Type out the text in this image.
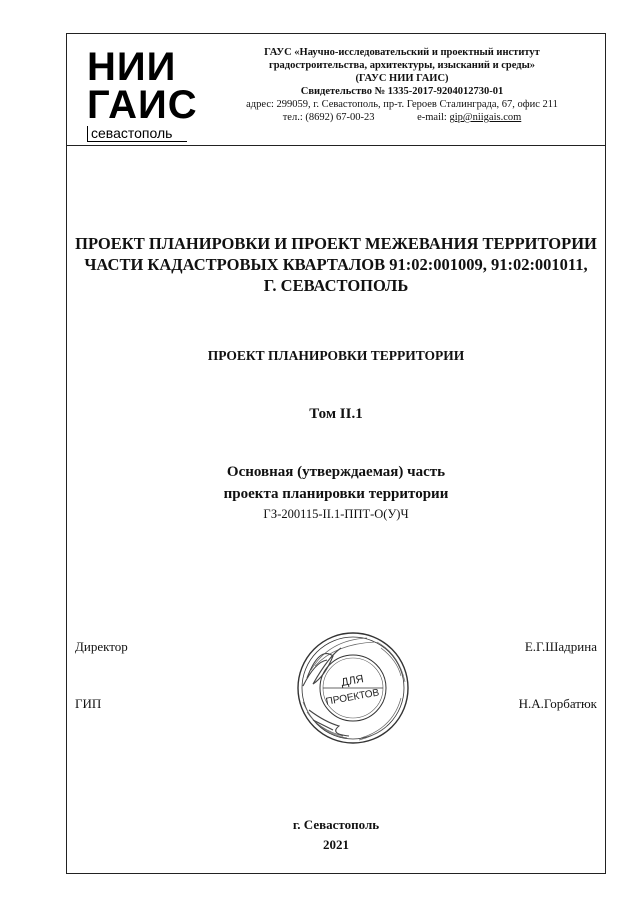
НИИ
ГАИС
севастополь
ГАУС «Научно-исследовательский и проектный институт
градостроительства, архитектуры, изысканий и среды»
(ГАУС НИИ ГАИС)
Свидетельство № 1335-2017-9204012730-01
адрес: 299059, г. Севастополь, пр-т. Героев Сталинграда, 67, офис 211
тел.: (8692) 67-00-23	e-mail: gip@niigais.com
ПРОЕКТ ПЛАНИРОВКИ И ПРОЕКТ МЕЖЕВАНИЯ ТЕРРИТОРИИ
ЧАСТИ КАДАСТРОВЫХ КВАРТАЛОВ 91:02:001009, 91:02:001011,
Г. СЕВАСТОПОЛЬ
ПРОЕКТ ПЛАНИРОВКИ ТЕРРИТОРИИ
Том II.1
Основная (утверждаемая) часть
проекта планировки территории
ГЗ-200115-II.1-ППТ-О(У)Ч
Директор	Е.Г.Шадрина
ГИП	Н.А.Горбатюк
ДЛЯ
ПРОЕКТОВ
г. Севастополь
2021
